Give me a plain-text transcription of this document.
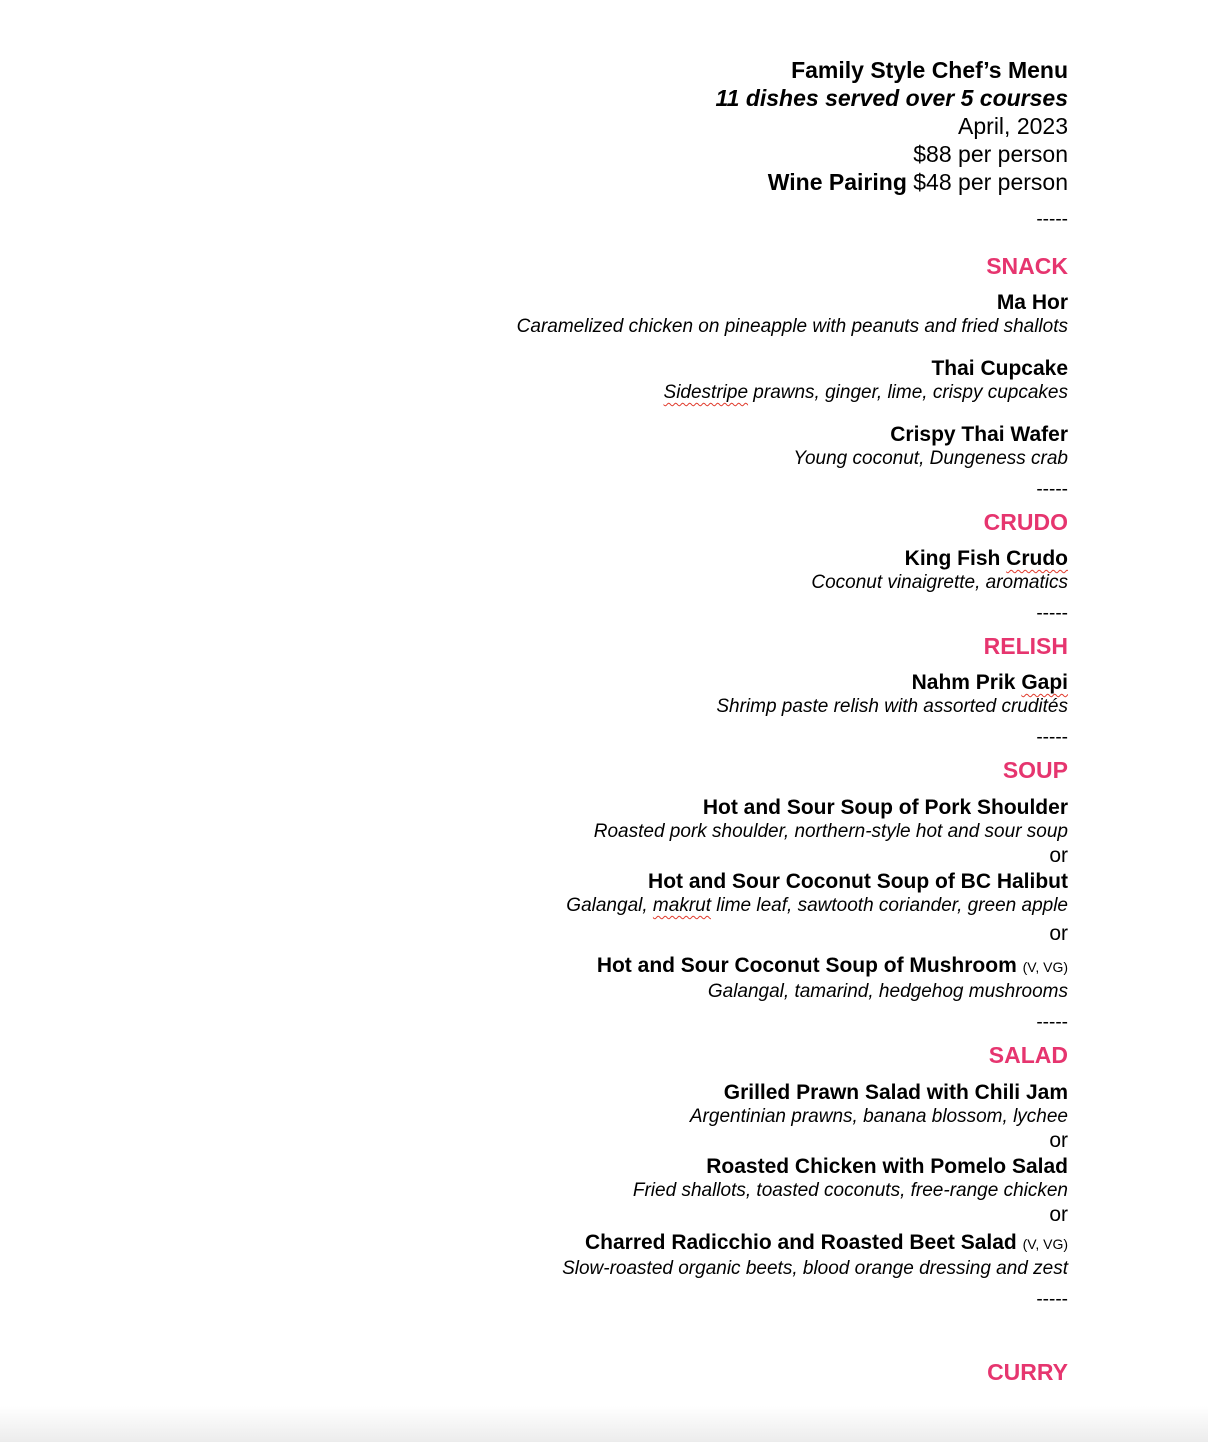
Family Style Chef’s Menu
11 dishes served over 5 courses
April, 2023
$88 per person
Wine Pairing $48 per person
-----
SNACK
Ma Hor
Caramelized chicken on pineapple with peanuts and fried shallots
Thai Cupcake
Sidestripe prawns, ginger, lime, crispy cupcakes
Crispy Thai Wafer
Young coconut, Dungeness crab
-----
CRUDO
King Fish Crudo
Coconut vinaigrette, aromatics
-----
RELISH
Nahm Prik Gapi
Shrimp paste relish with assorted crudités
-----
SOUP
Hot and Sour Soup of Pork Shoulder
Roasted pork shoulder, northern-style hot and sour soup
or
Hot and Sour Coconut Soup of BC Halibut
Galangal, makrut lime leaf, sawtooth coriander, green apple
or
Hot and Sour Coconut Soup of Mushroom (V, VG)
Galangal, tamarind, hedgehog mushrooms
-----
SALAD
Grilled Prawn Salad with Chili Jam
Argentinian prawns, banana blossom, lychee
or
Roasted Chicken with Pomelo Salad
Fried shallots, toasted coconuts, free-range chicken
or
Charred Radicchio and Roasted Beet Salad (V, VG)
Slow-roasted organic beets, blood orange dressing and zest
-----
CURRY
